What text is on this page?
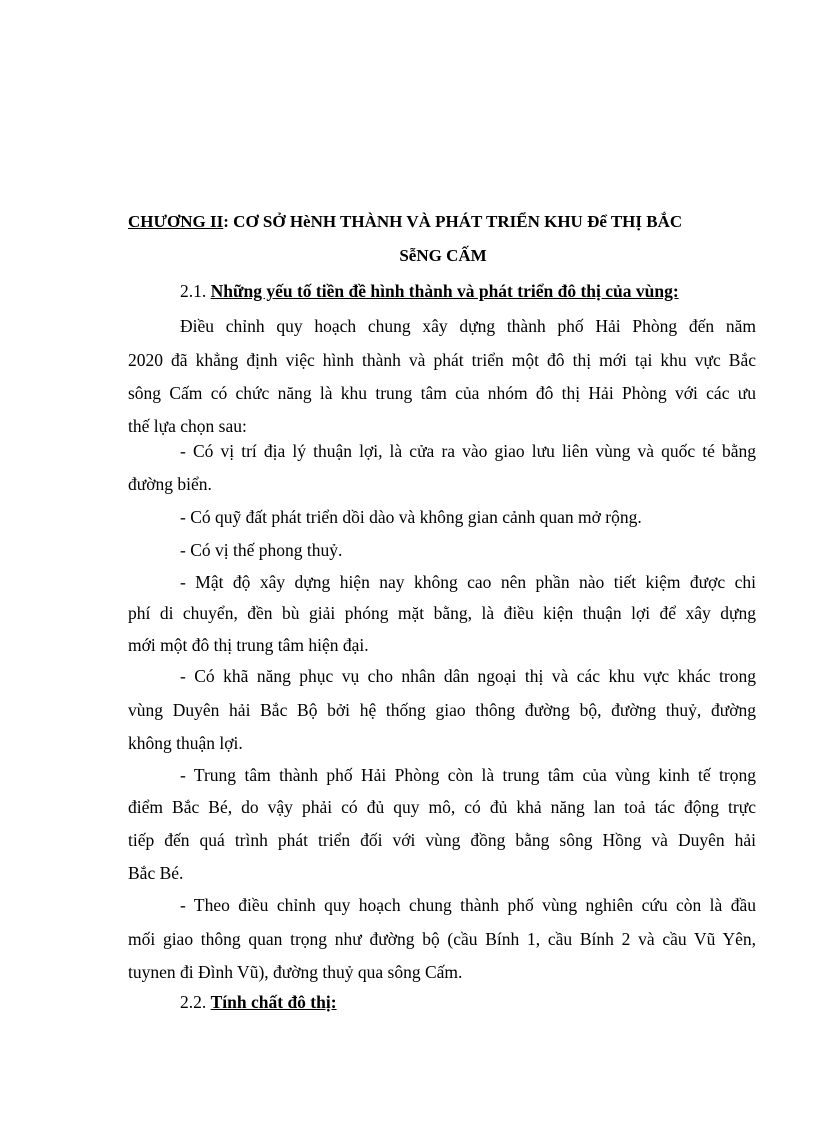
CHƯƠNG II: CƠ SỞ HèNH THÀNH VÀ PHÁT TRIỂN KHU Để THỊ BẮC
SễNG CẤM
2.1. Những yếu tố tiền đề hình thành và phát triển đô thị của vùng:
Điều chỉnh quy hoạch chung xây dựng thành phố Hải Phòng đến năm
2020 đã khẳng định việc hình thành và phát triển một đô thị mới tại khu vực Bắc
sông Cấm có chức năng là khu trung tâm của nhóm đô thị Hải Phòng với các ưu
thế lựa chọn sau:
- Có vị trí địa lý thuận lợi, là cửa ra vào giao lưu liên vùng và quốc té bằng
đường biển.
- Có quỹ đất phát triển dồi dào và không gian cảnh quan mở rộng.
- Có vị thế phong thuỷ.
- Mật độ xây dựng hiện nay không cao nên phần nào tiết kiệm được chi
phí di chuyển, đền bù giải phóng mặt bằng, là điều kiện thuận lợi để xây dựng
mới một đô thị trung tâm hiện đại.
- Có khã năng phục vụ cho nhân dân ngoại thị và các khu vực khác trong
vùng Duyên hải Bắc Bộ bởi hệ thống giao thông đường bộ, đường thuỷ, đường
không thuận lợi.
- Trung tâm thành phố Hải Phòng còn là trung tâm của vùng kinh tế trọng
điểm Bắc Bé, do vậy phải có đủ quy mô, có đủ khả năng lan toả tác động trực
tiếp đến quá trình phát triển đối với vùng đồng bằng sông Hồng và Duyên hải
Bắc Bé.
- Theo điều chỉnh quy hoạch chung thành phố vùng nghiên cứu còn là đầu
mối giao thông quan trọng như đường bộ (cầu Bính 1, cầu Bính 2 và cầu Vũ Yên,
tuynen đi Đình Vũ), đường thuỷ qua sông Cấm.
2.2. Tính chất đô thị:
